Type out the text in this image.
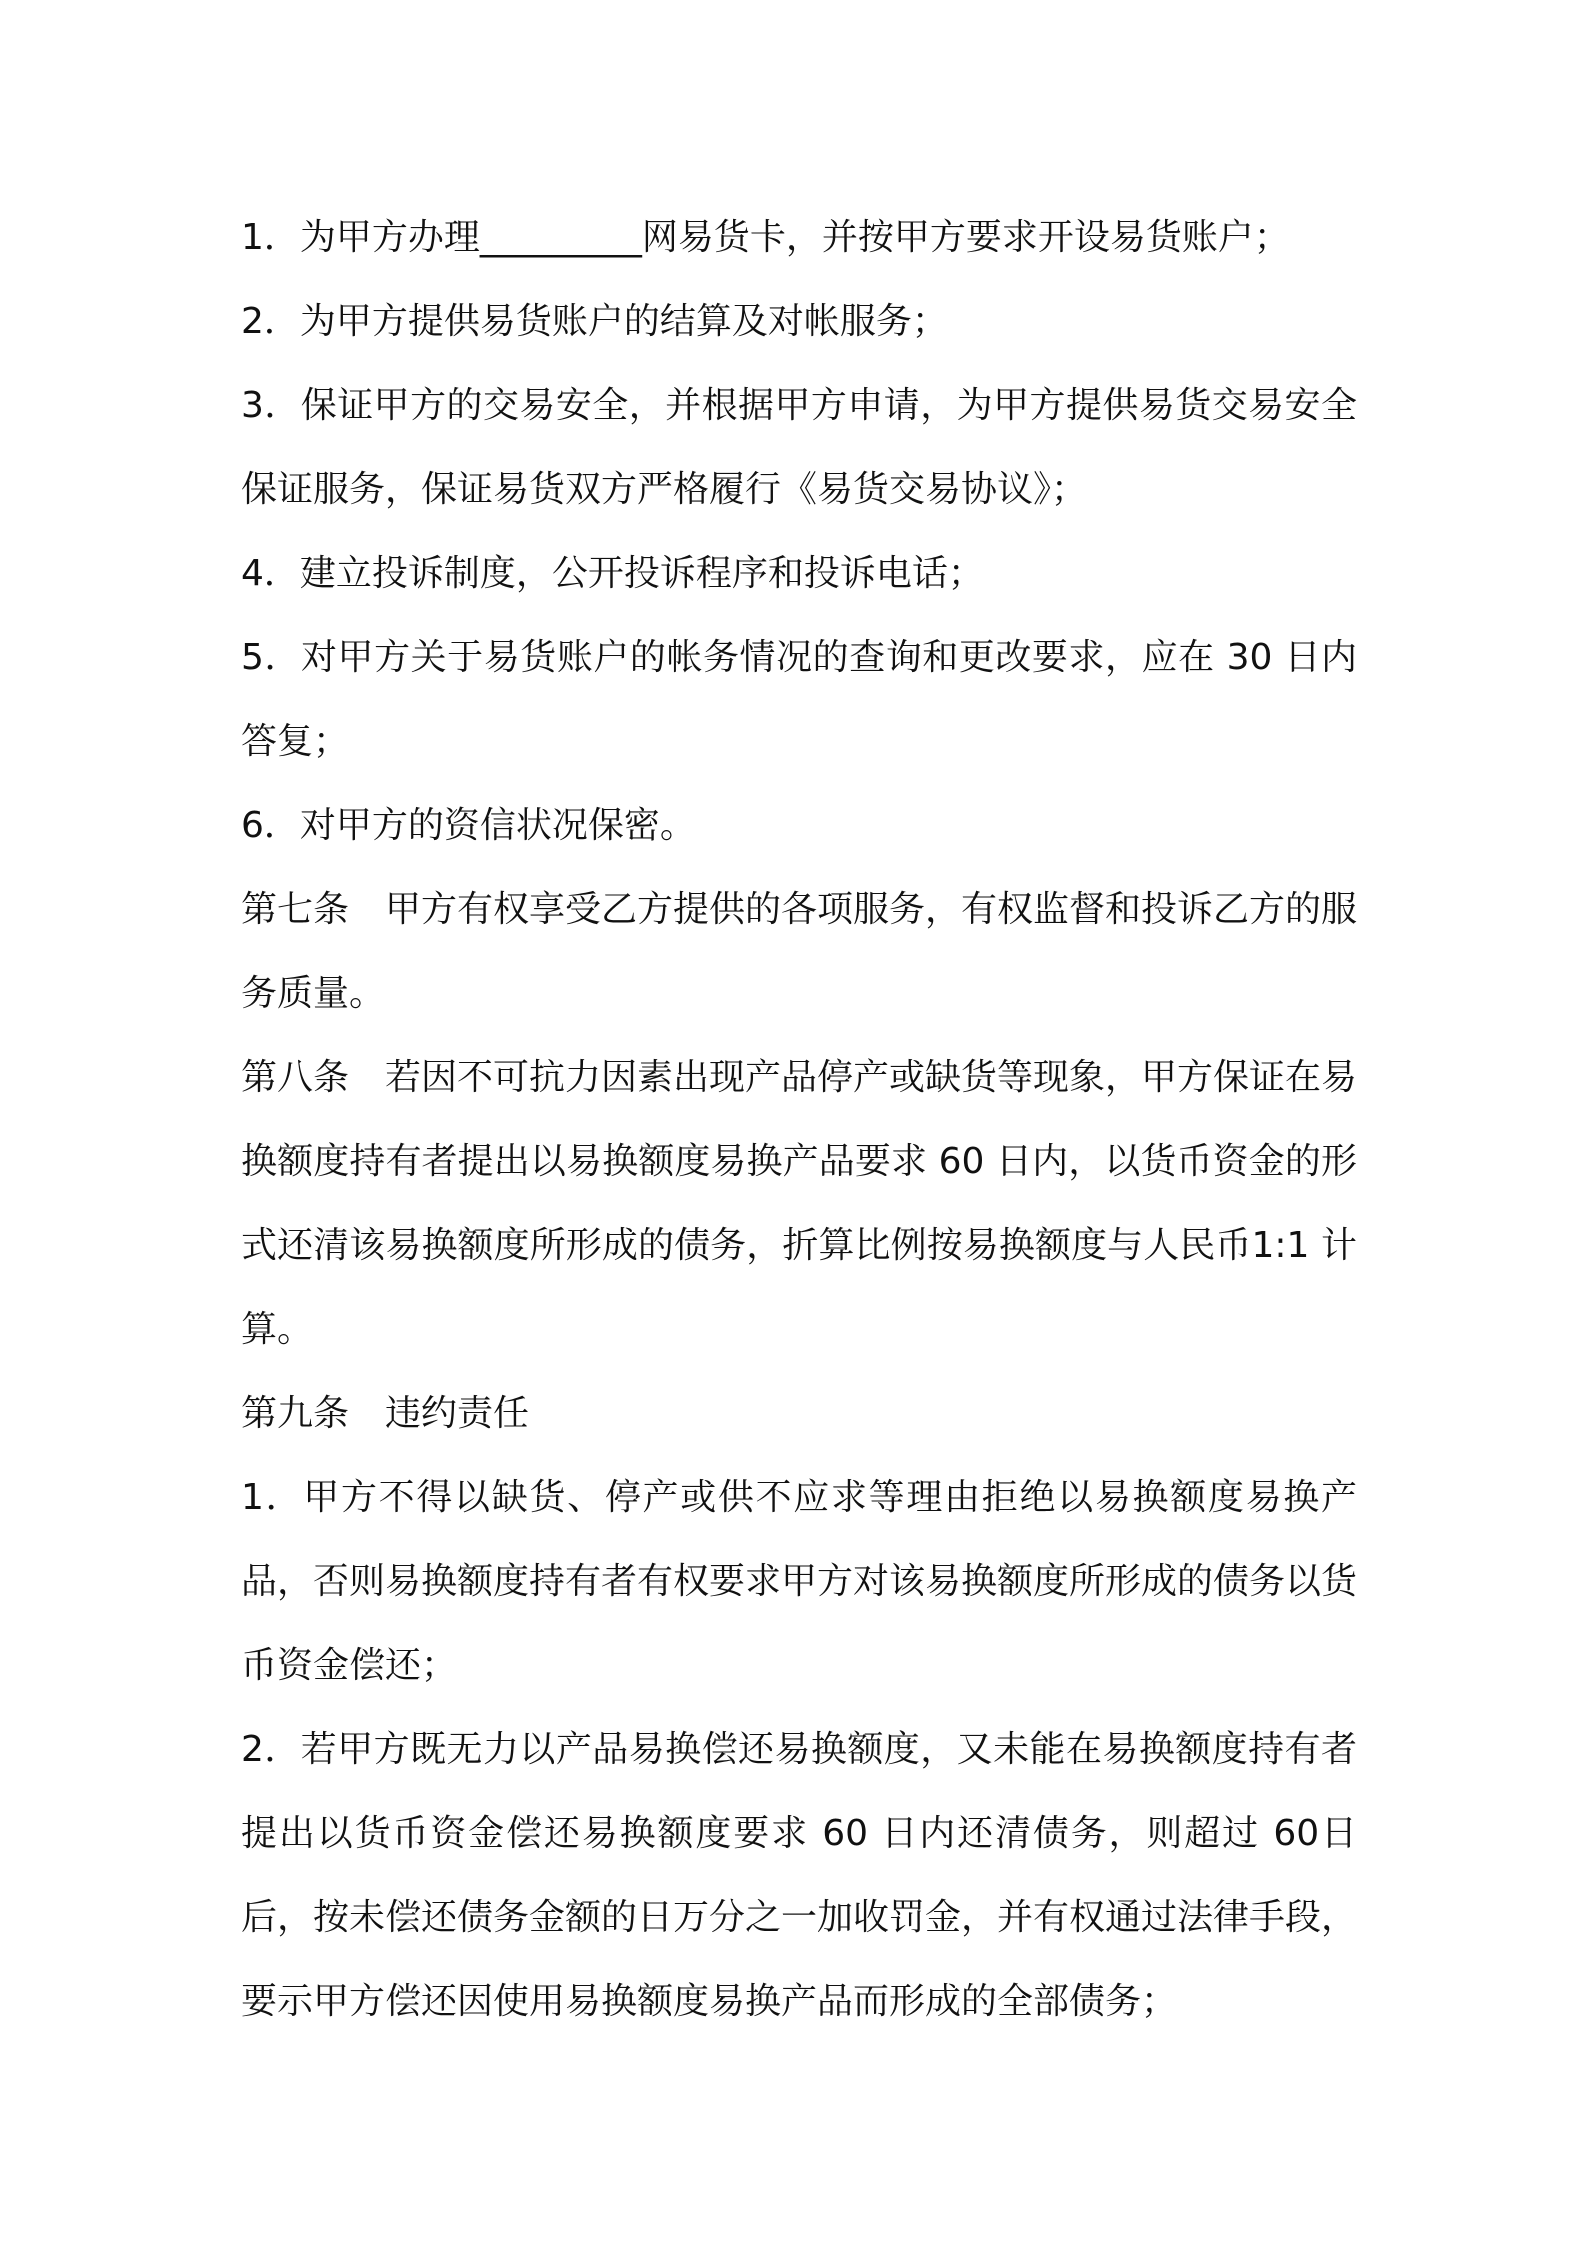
1．为甲方办理_________网易货卡，并按甲方要求开设易货账户；

2．为甲方提供易货账户的结算及对帐服务；

3．保证甲方的交易安全，并根据甲方申请，为甲方提供易货交易安全保证服务，保证易货双方严格履行《易货交易协议》；

4．建立投诉制度，公开投诉程序和投诉电话；

5．对甲方关于易货账户的帐务情况的查询和更改要求，应在 30 日内答复；

6．对甲方的资信状况保密。

第七条　甲方有权享受乙方提供的各项服务，有权监督和投诉乙方的服务质量。

第八条　若因不可抗力因素出现产品停产或缺货等现象，甲方保证在易换额度持有者提出以易换额度易换产品要求 60 日内，以货币资金的形式还清该易换额度所形成的债务，折算比例按易换额度与人民币1:1 计算。

第九条　违约责任

1．甲方不得以缺货、停产或供不应求等理由拒绝以易换额度易换产品，否则易换额度持有者有权要求甲方对该易换额度所形成的债务以货币资金偿还；

2．若甲方既无力以产品易换偿还易换额度，又未能在易换额度持有者提出以货币资金偿还易换额度要求 60 日内还清债务，则超过 60日后，按未偿还债务金额的日万分之一加收罚金，并有权通过法律手段，要示甲方偿还因使用易换额度易换产品而形成的全部债务；
